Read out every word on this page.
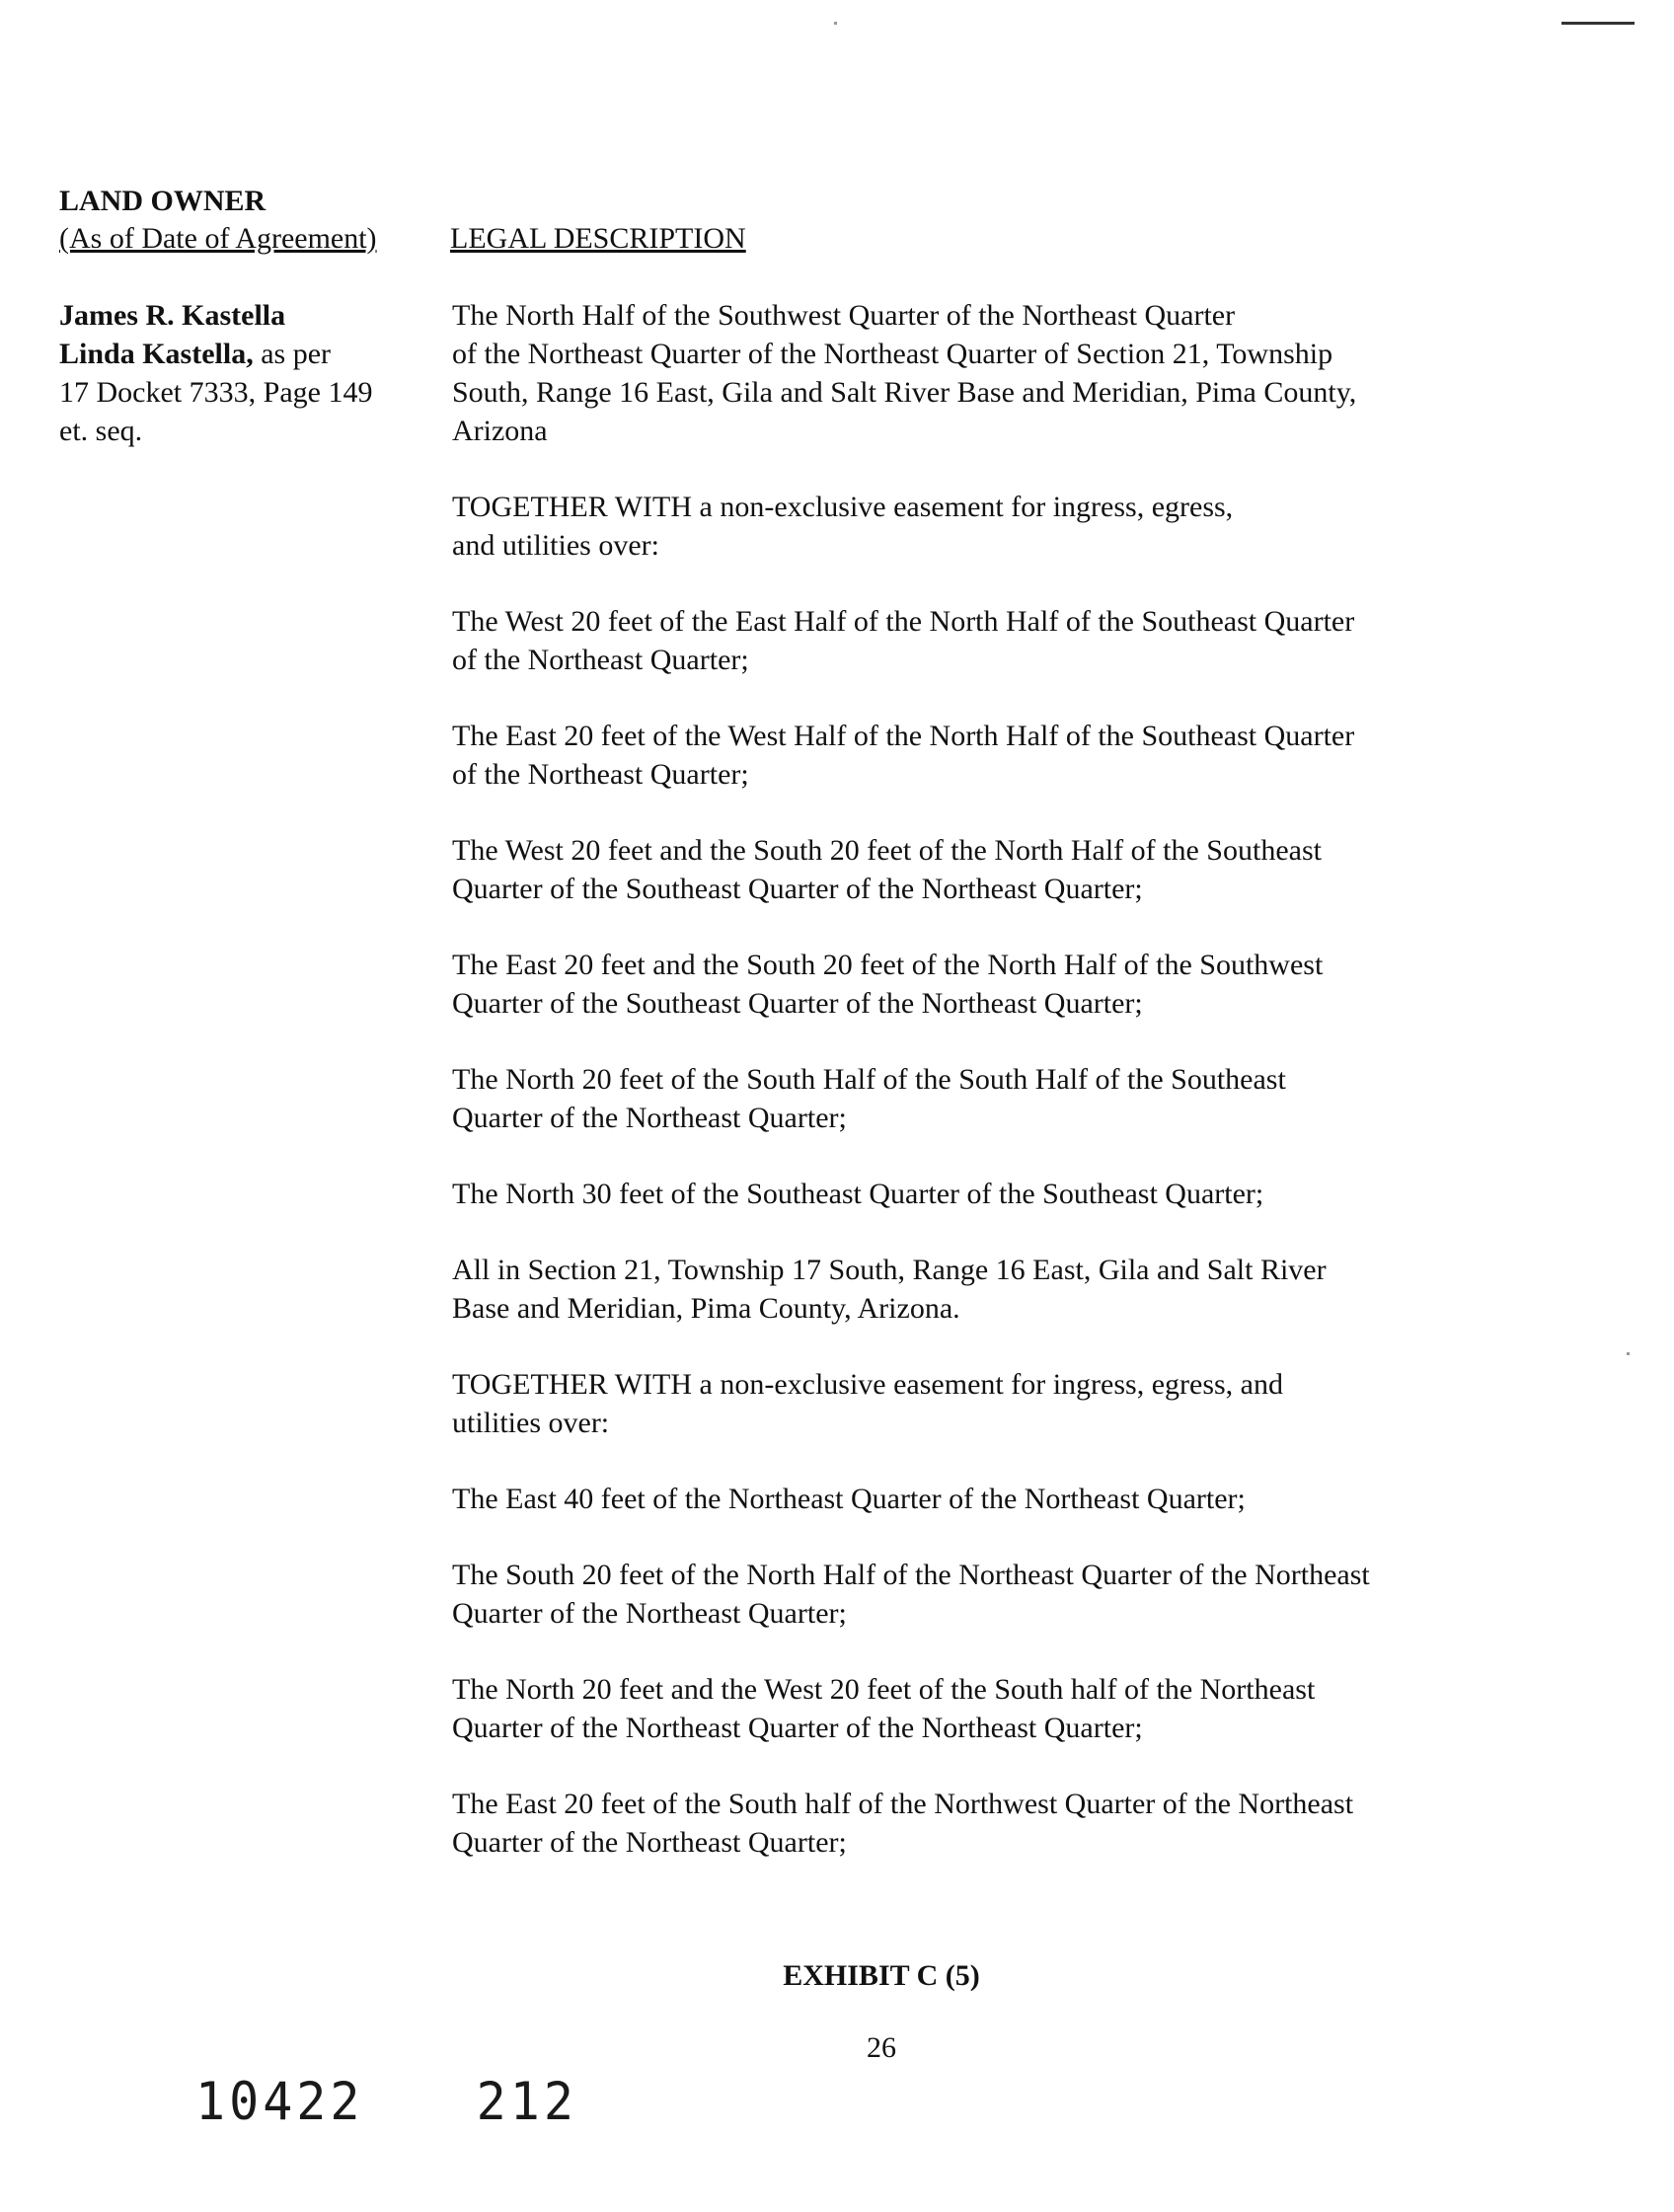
LAND OWNER
(As of Date of Agreement) LEGAL DESCRIPTION
James R. Kastella
Linda Kastella, as per
17 Docket 7333, Page 149
et. seq.

The North Half of the Southwest Quarter of the Northeast Quarter
of the Northeast Quarter of the Northeast Quarter of Section 21, Township
South, Range 16 East, Gila and Salt River Base and Meridian, Pima County,
Arizona

TOGETHER WITH a non-exclusive easement for ingress, egress,
and utilities over:

The West 20 feet of the East Half of the North Half of the Southeast Quarter
of the Northeast Quarter;

The East 20 feet of the West Half of the North Half of the Southeast Quarter
of the Northeast Quarter;

The West 20 feet and the South 20 feet of the North Half of the Southeast
Quarter of the Southeast Quarter of the Northeast Quarter;

The East 20 feet and the South 20 feet of the North Half of the Southwest
Quarter of the Southeast Quarter of the Northeast Quarter;

The North 20 feet of the South Half of the South Half of the Southeast
Quarter of the Northeast Quarter;

The North 30 feet of the Southeast Quarter of the Southeast Quarter;

All in Section 21, Township 17 South, Range 16 East, Gila and Salt River
Base and Meridian, Pima County, Arizona.

TOGETHER WITH a non-exclusive easement for ingress, egress, and
utilities over:

The East 40 feet of the Northeast Quarter of the Northeast Quarter;

The South 20 feet of the North Half of the Northeast Quarter of the Northeast
Quarter of the Northeast Quarter;

The North 20 feet and the West 20 feet of the South half of the Northeast
Quarter of the Northeast Quarter of the Northeast Quarter;

The East 20 feet of the South half of the Northwest Quarter of the Northeast
Quarter of the Northeast Quarter;

EXHIBIT C (5)
26
10422 212
